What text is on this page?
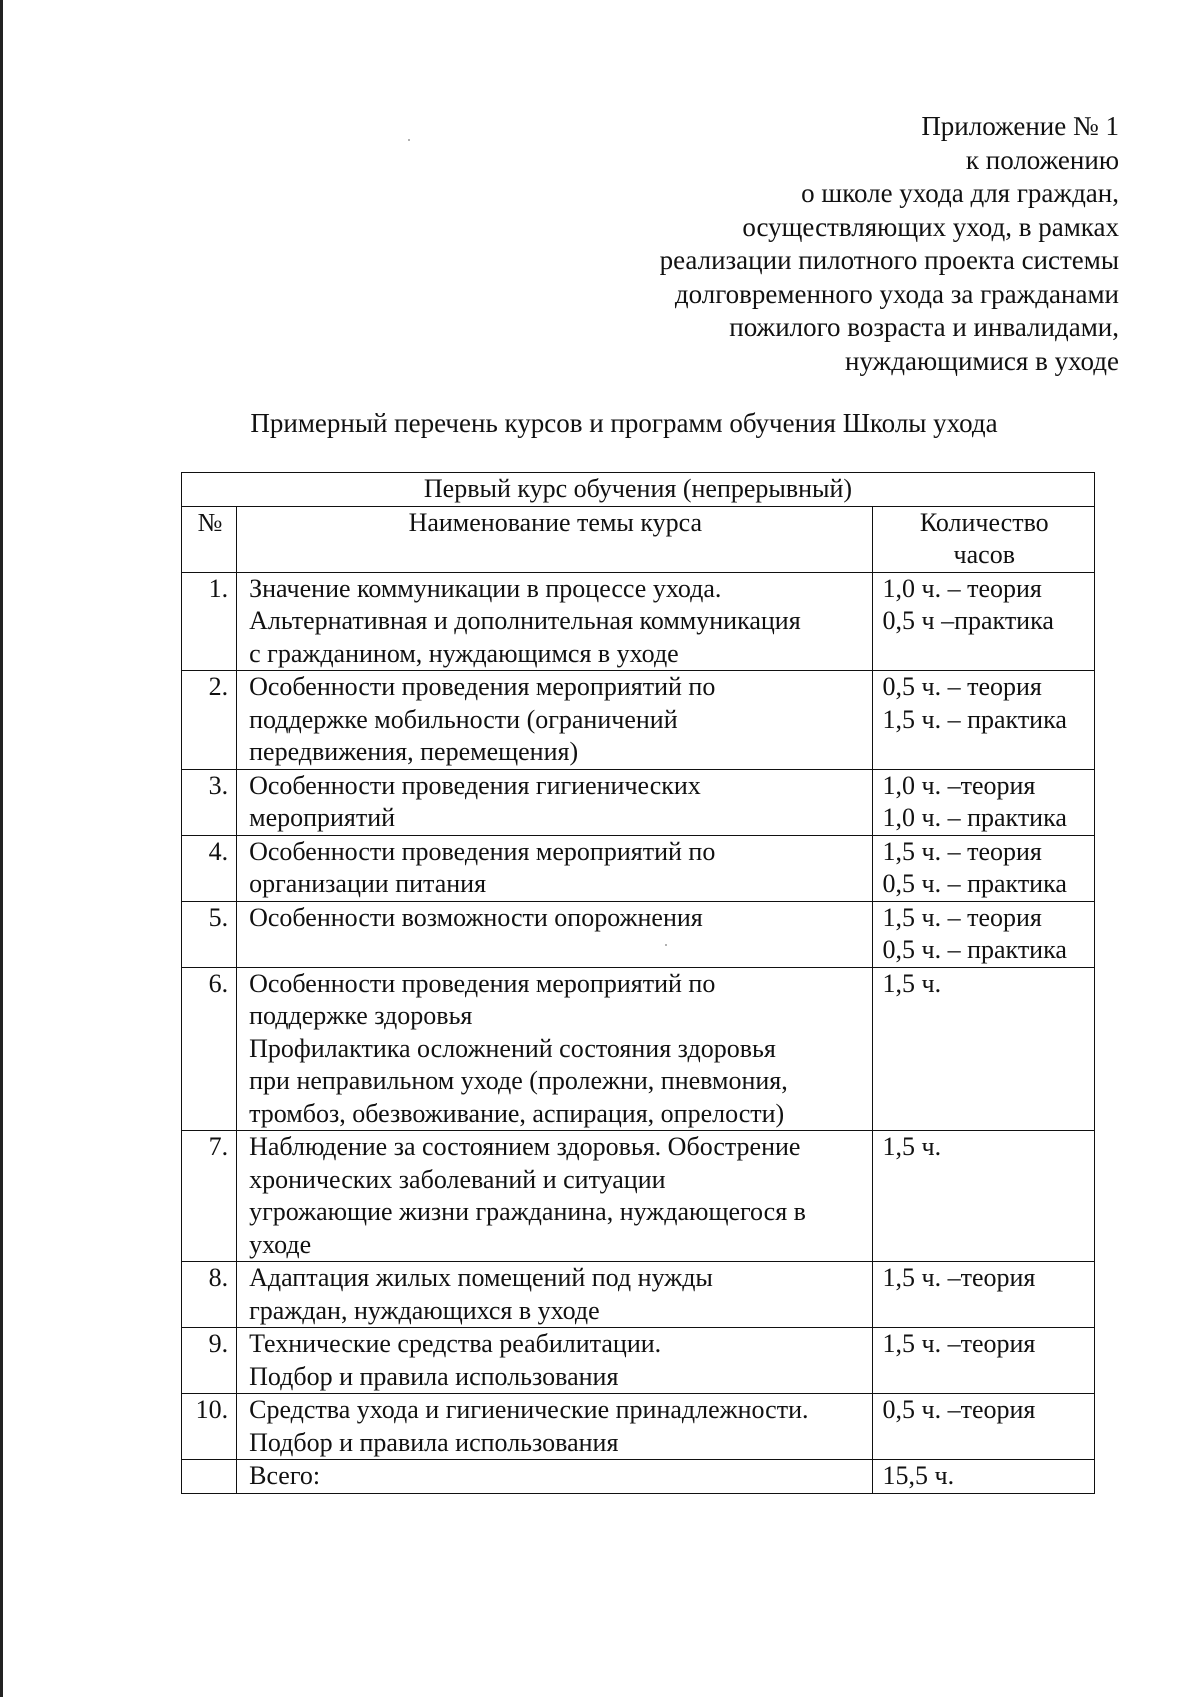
Приложение № 1
к положению
о школе ухода для граждан,
осуществляющих уход, в рамках
реализации пилотного проекта системы
долговременного ухода за гражданами
пожилого возраста и инвалидами,
нуждающимися в уходе
Примерный перечень курсов и программ обучения Школы ухода
Первый курс обучения (непрерывный)		
№	Наименование темы курса	Количество
часов

1.	Значение коммуникации в процессе ухода.
Альтернативная и дополнительная коммуникация
с гражданином, нуждающимся в уходе	1,0 ч. – теория
0,5 ч –практика

2.	Особенности проведения мероприятий по
поддержке мобильности (ограничений
передвижения, перемещения)	0,5 ч. – теория
1,5 ч. – практика

3.	Особенности проведения гигиенических
мероприятий	1,0 ч. –теория
1,0 ч. – практика

4.	Особенности проведения мероприятий по
организации питания	1,5 ч. – теория
0,5 ч. – практика

5.	Особенности возможности опорожнения	1,5 ч. – теория
0,5 ч. – практика

6.	Особенности проведения мероприятий по
поддержке здоровья
Профилактика осложнений состояния здоровья
при неправильном уходе (пролежни, пневмония,
тромбоз, обезвоживание, аспирация, опрелости)	1,5 ч.

7.	Наблюдение за состоянием здоровья. Обострение
хронических заболеваний и ситуации
угрожающие жизни гражданина, нуждающегося в
уходе	1,5 ч.

8.	Адаптация жилых помещений под нужды
граждан, нуждающихся в уходе	1,5 ч. –теория

9.	Технические средства реабилитации.
Подбор и правила использования	1,5 ч. –теория

10.	Средства ухода и гигиенические принадлежности.
Подбор и правила использования	0,5 ч. –теория

	Всего:	15,5 ч.
